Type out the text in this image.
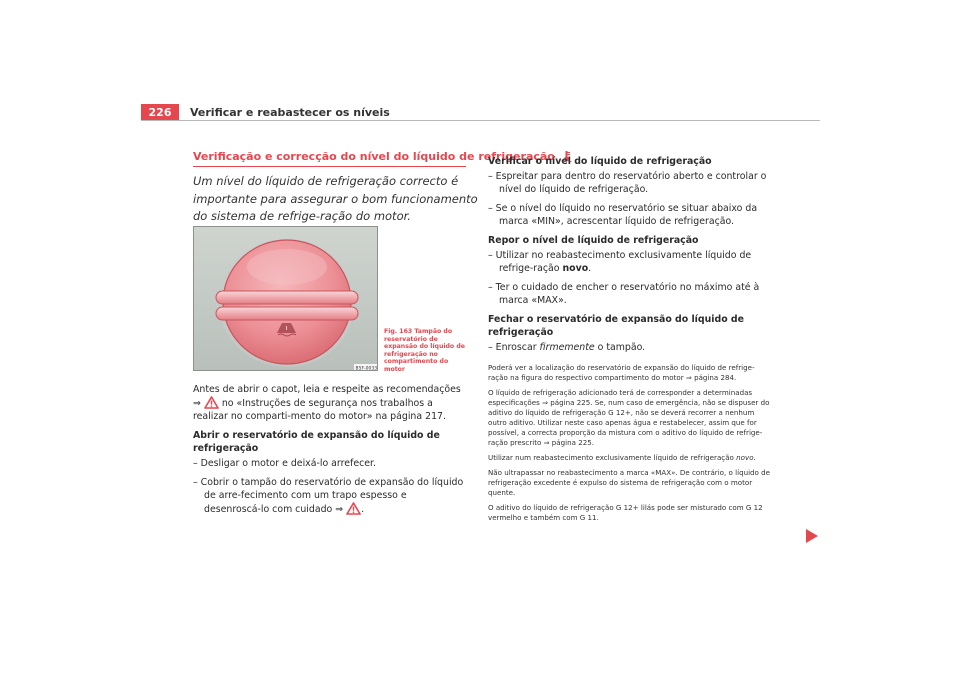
226	Verificar e reabastecer os níveis
Verificação e correcção do nível do líquido de refrigeração
Um nível do líquido de refrigeração correcto é importante para assegurar o bom funcionamento do sistema de refrige-ração do motor.
B5F-0033
Fig. 163 Tampão do reservatório de expansão do líquido de refrigeração no compartimento do motor
Antes de abrir o capot, leia e respeite as recomendações ⇒  no «Instruções de segurança nos trabalhos a realizar no comparti-mento do motor» na página 217.
Abrir o reservatório de expansão do líquido de refrigeração
– Desligar o motor e deixá-lo arrefecer.
– Cobrir o tampão do reservatório de expansão do líquido de arre-fecimento com um trapo espesso e desenroscá-lo com cuidado ⇒ .
Verificar o nível do líquido de refrigeração
– Espreitar para dentro do reservatório aberto e controlar o nível do líquido de refrigeração.
– Se o nível do líquido no reservatório se situar abaixo da marca «MIN», acrescentar líquido de refrigeração.
Repor o nível de líquido de refrigeração
– Utilizar no reabastecimento exclusivamente líquido de refrige-ração novo.
– Ter o cuidado de encher o reservatório no máximo até à marca «MAX».
Fechar o reservatório de expansão do líquido de refrigeração
– Enroscar firmemente o tampão.
Poderá ver a localização do reservatório de expansão do líquido de refrige-ração na figura do respectivo compartimento do motor ⇒ página 284.
O líquido de refrigeração adicionado terá de corresponder a determinadas especificações ⇒ página 225. Se, num caso de emergência, não se dispuser do aditivo do líquido de refrigeração G 12+, não se deverá recorrer a nenhum outro aditivo. Utilizar neste caso apenas água e restabelecer, assim que for possível, a correcta proporção da mistura com o aditivo do líquido de refrige-ração prescrito ⇒ página 225.
Utilizar num reabastecimento exclusivamente líquido de refrigeração novo.
Não ultrapassar no reabastecimento a marca «MAX». De contrário, o líquido de refrigeração excedente é expulso do sistema de refrigeração com o motor quente.
O aditivo do líquido de refrigeração G 12+ lilás pode ser misturado com G 12 vermelho e também com G 11.
